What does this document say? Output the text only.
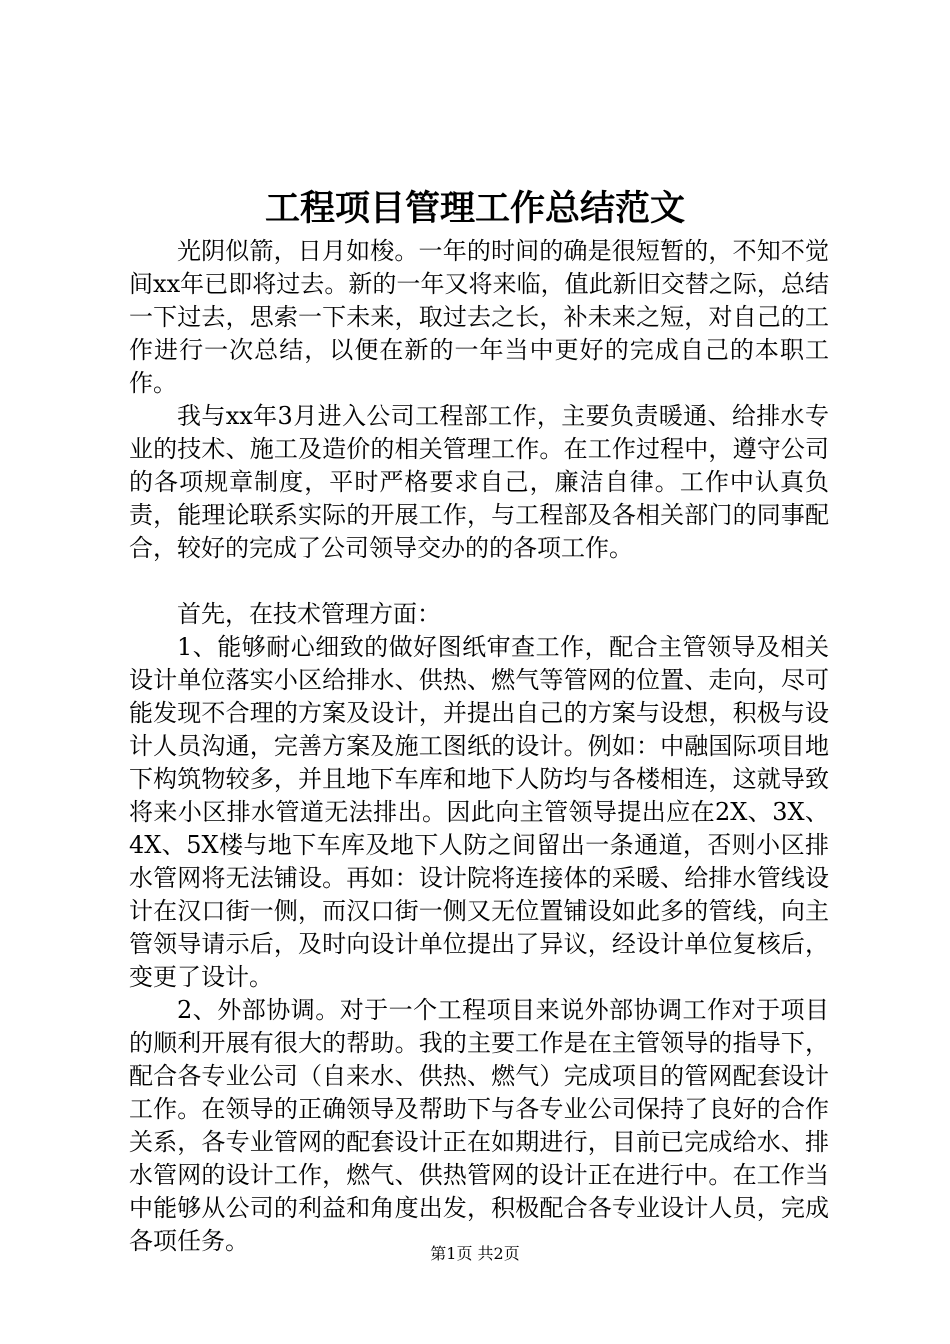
工程项目管理工作总结范文

光阴似箭，日月如梭。一年的时间的确是很短暂的，不知不觉间xx年已即将过去。新的一年又将来临，值此新旧交替之际，总结一下过去，思索一下未来，取过去之长，补未来之短，对自己的工作进行一次总结，以便在新的一年当中更好的完成自己的本职工作。

我与xx年3月进入公司工程部工作，主要负责暖通、给排水专业的技术、施工及造价的相关管理工作。在工作过程中，遵守公司的各项规章制度，平时严格要求自己，廉洁自律。工作中认真负责，能理论联系实际的开展工作，与工程部及各相关部门的同事配合，较好的完成了公司领导交办的的各项工作。

首先，在技术管理方面：

1、能够耐心细致的做好图纸审查工作，配合主管领导及相关设计单位落实小区给排水、供热、燃气等管网的位置、走向，尽可能发现不合理的方案及设计，并提出自己的方案与设想，积极与设计人员沟通，完善方案及施工图纸的设计。例如：中融国际项目地下构筑物较多，并且地下车库和地下人防均与各楼相连，这就导致将来小区排水管道无法排出。因此向主管领导提出应在2X、3X、4X、5X楼与地下车库及地下人防之间留出一条通道，否则小区排水管网将无法铺设。再如：设计院将连接体的采暖、给排水管线设计在汉口街一侧，而汉口街一侧又无位置铺设如此多的管线，向主管领导请示后，及时向设计单位提出了异议，经设计单位复核后，变更了设计。

2、外部协调。对于一个工程项目来说外部协调工作对于项目的顺利开展有很大的帮助。我的主要工作是在主管领导的指导下，配合各专业公司（自来水、供热、燃气）完成项目的管网配套设计工作。在领导的正确领导及帮助下与各专业公司保持了良好的合作关系，各专业管网的配套设计正在如期进行，目前已完成给水、排水管网的设计工作，燃气、供热管网的设计正在进行中。在工作当中能够从公司的利益和角度出发，积极配合各专业设计人员，完成各项任务。	第1页 共2页
